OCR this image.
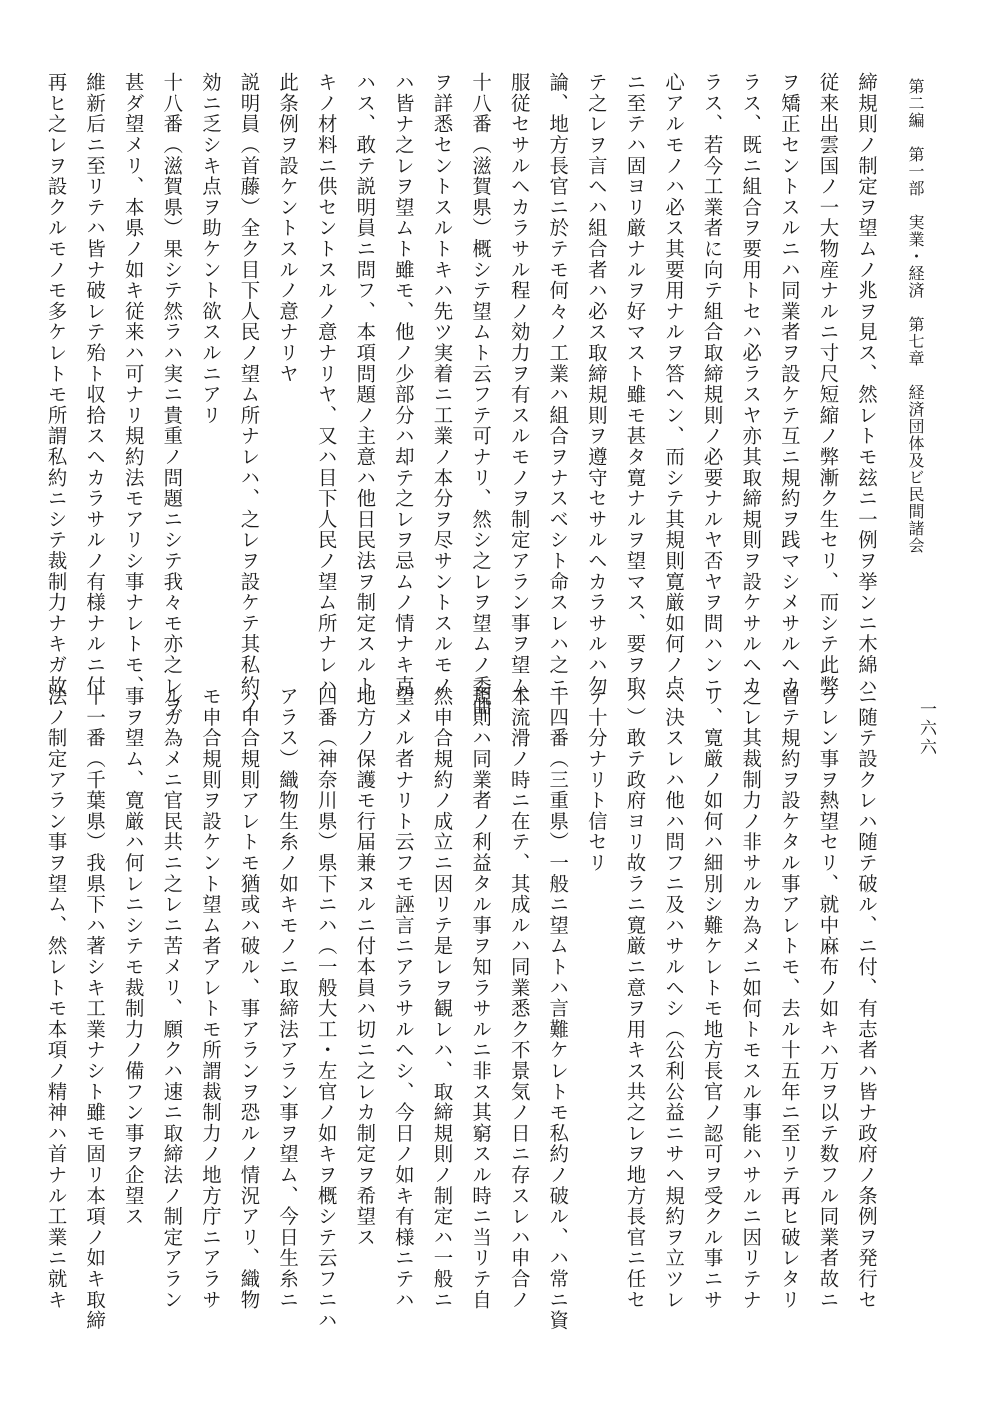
第二編　第一部　実業・経済　第七章　経済団体及ビ民間諸会
一六六
締規則ノ制定ヲ望ムノ兆ヲ見ス、然レトモ玆ニ一例ヲ挙ンニ木綿ハ
従来出雲国ノ一大物産ナルニ寸尺短縮ノ弊漸ク生セリ、而シテ此弊
ヲ矯正セントスルニハ同業者ヲ設ケテ互ニ規約ヲ践マシメサルヘカ
ラス、既ニ組合ヲ要用トセハ必ラスヤ亦其取締規則ヲ設ケサルヘカ
ラス、若今工業者に向テ組合取締規則ノ必要ナルヤ否ヤヲ問ハンニ
心アルモノハ必ス其要用ナルヲ答ヘン、而シテ其規則寛厳如何ノ点
ニ至テハ固ヨリ厳ナルヲ好マスト雖モ甚タ寛ナルヲ望マス、要ヲ取
テ之レヲ言ヘハ組合者ハ必ス取締規則ヲ遵守セサルヘカラサルハ勿
論、地方長官ニ於テモ何々ノ工業ハ組合ヲナスベシト命スレハ之ニ
服従セサルヘカラサル程ノ効力ヲ有スルモノヲ制定アラン事ヲ望ム
十八番（滋賀県）概シテ望ムト云フテ可ナリ、然シ之レヲ望ムノ委曲
ヲ詳悉セントスルトキハ先ツ実着ニ工業ノ本分ヲ尽サントスルモノ
ハ皆ナ之レヲ望ムト雖モ、他ノ少部分ハ却テ之レヲ忌ムノ情ナキ克
ハス、敢テ説明員ニ問フ、本項問題ノ主意ハ他日民法ヲ制定スルト
キノ材料ニ供セントスルノ意ナリヤ、又ハ目下人民ノ望ム所ナレハ
此条例ヲ設ケントスルノ意ナリヤ
説明員（首藤）全ク目下人民ノ望ム所ナレハ、之レヲ設ケテ其私約ノ
効ニ乏シキ点ヲ助ケント欲スルニアリ
十八番（滋賀県）果シテ然ラハ実ニ貴重ノ問題ニシテ我々モ亦之レヲ
甚ダ望メリ、本県ノ如キ従来ハ可ナリ規約法モアリシ事ナレトモ、
維新后ニ至リテハ皆ナ破レテ殆ト収拾スヘカラサルノ有様ナルニ付
再ヒ之レヲ設クルモノモ多ケレトモ所謂私約ニシテ裁制力ナキガ故
ニ随テ設クレハ随テ破ル、ニ付、有志者ハ皆ナ政府ノ条例ヲ発行セ
ラレン事ヲ熱望セリ、就中麻布ノ如キハ万ヲ以テ数フル同業者故ニ
曾テ規約ヲ設ケタル事アレトモ、去ル十五年ニ至リテ再ヒ破レタリ
之レ其裁制力ノ非サルカ為メニ如何トモスル事能ハサルニ因リテナ
リ、寛厳ノ如何ハ細別シ難ケレトモ地方長官ノ認可ヲ受クル事ニサ
ヘ決スレハ他ハ問フニ及ハサルヘシ（公利公益ニサヘ規約ヲ立ツレ
ハ）敢テ政府ヨリ故ラニ寛厳ニ意ヲ用キス共之レヲ地方長官ニ任セ
テ十分ナリト信セリ
十四番（三重県）一般ニ望ムトハ言難ケレトモ私約ノ破ル、ハ常ニ資
本流滑ノ時ニ在テ、其成ルハ同業悉ク不景気ノ日ニ存スレハ申合ノ
規則ハ同業者ノ利益タル事ヲ知ラサルニ非ス其窮スル時ニ当リテ自
然申合規約ノ成立ニ因リテ是レヲ観レハ、取締規則ノ制定ハ一般ニ
望メル者ナリト云フモ誣言ニアラサルヘシ、今日ノ如キ有様ニテハ
地方ノ保護モ行届兼ヌルニ付本員ハ切ニ之レカ制定ヲ希望ス
四番（神奈川県）県下ニハ（一般大工・左官ノ如キヲ概シテ云フニハ
アラス）織物生糸ノ如キモノニ取締法アラン事ヲ望ム、今日生糸ニ
ハ申合規則アレトモ猶或ハ破ル、事アランヲ恐ルノ情況アリ、織物
モ申合規則ヲ設ケント望ム者アレトモ所謂裁制力ノ地方庁ニアラサ
ルガ為メニ官民共ニ之レニ苦メリ、願クハ速ニ取締法ノ制定アラン
事ヲ望ム、寛厳ハ何レニシテモ裁制力ノ備フン事ヲ企望ス
十一番（千葉県）我県下ハ著シキ工業ナシト雖モ固リ本項ノ如キ取締
法ノ制定アラン事ヲ望ム、然レトモ本項ノ精神ハ首ナル工業ニ就キ
